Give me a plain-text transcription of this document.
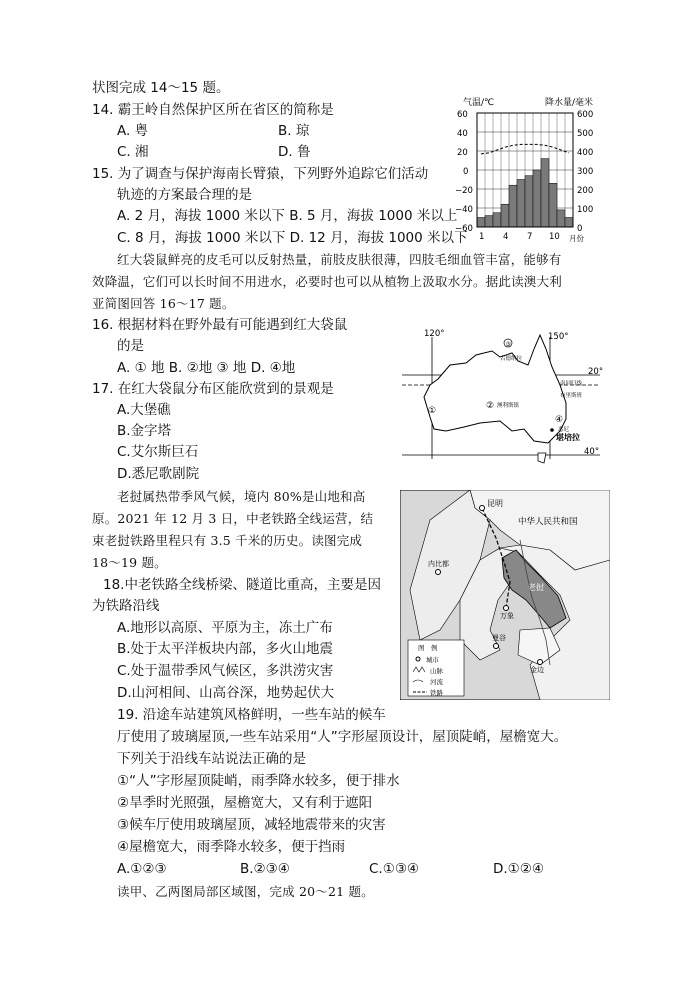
状图完成 14～15 题。
14. 霸王岭自然保护区所在省区的简称是
A. 粤	B. 琼
C. 湘	D. 鲁
15. 为了调查与保护海南长臂猿，下列野外追踪它们活动
轨迹的方案最合理的是
A. 2 月，海拔 1000 米以下 B. 5 月，海拔 1000 米以上
C. 8 月，海拔 1000 米以下 D. 12 月，海拔 1000 米以下
红大袋鼠鲜亮的皮毛可以反射热量，前肢皮肤很薄，四肢毛细血管丰富，能够有
效降温，它们可以长时间不用进水，必要时也可以从植物上汲取水分。据此读澳大利
亚简图回答 16～17 题。
16. 根据材料在野外最有可能遇到红大袋鼠
的是
A. ① 地 B. ②地 ③ 地 D. ④地
17. 在红大袋鼠分布区能欣赏到的景观是
A.大堡礁
B.金字塔
C.艾尔斯巨石
D.悉尼歌剧院
老挝属热带季风气候，境内 80%是山地和高
原。2021 年 12 月 3 日，中老铁路全线运营，结
束老挝铁路里程只有 3.5 千米的历史。读图完成
18～19 题。
18.中老铁路全线桥梁、隧道比重高，主要是因
为铁路沿线
A.地形以高原、平原为主，冻土广布
B.处于太平洋板块内部，多火山地震
C.处于温带季风气候区，多洪涝灾害
D.山河相间、山高谷深，地势起伏大
19. 沿途车站建筑风格鲜明，一些车站的候车
厅使用了玻璃屋顶,一些车站采用“人”字形屋顶设计，屋顶陡峭，屋檐宽大。
下列关于沿线车站说法正确的是
①“人”字形屋顶陡峭，雨季降水较多，便于排水
②旱季时光照强，屋檐宽大，又有利于遮阳
③候车厅使用玻璃屋顶，减轻地震带来的灾害
④屋檐宽大，雨季降水较多，便于挡雨
A.①②③	B.②③④	C.①③④	D.①②④
读甲、乙两图局部区域图，完成 20～21 题。
气温/℃	降水量/毫米
60
40
20
0
−20
−40
−60
600
500
400
300
200
100
0
1 4 7 10 月份
③
120°	150°
20°
40°
古德纳拉
南回归线
布里斯班
② 澳利斯镇
①
④
悉尼
堪培拉
昆明
中华人民共和国
万象
内比都
老挝
曼谷
金边
图　例
城市
山脉
河流
铁路
